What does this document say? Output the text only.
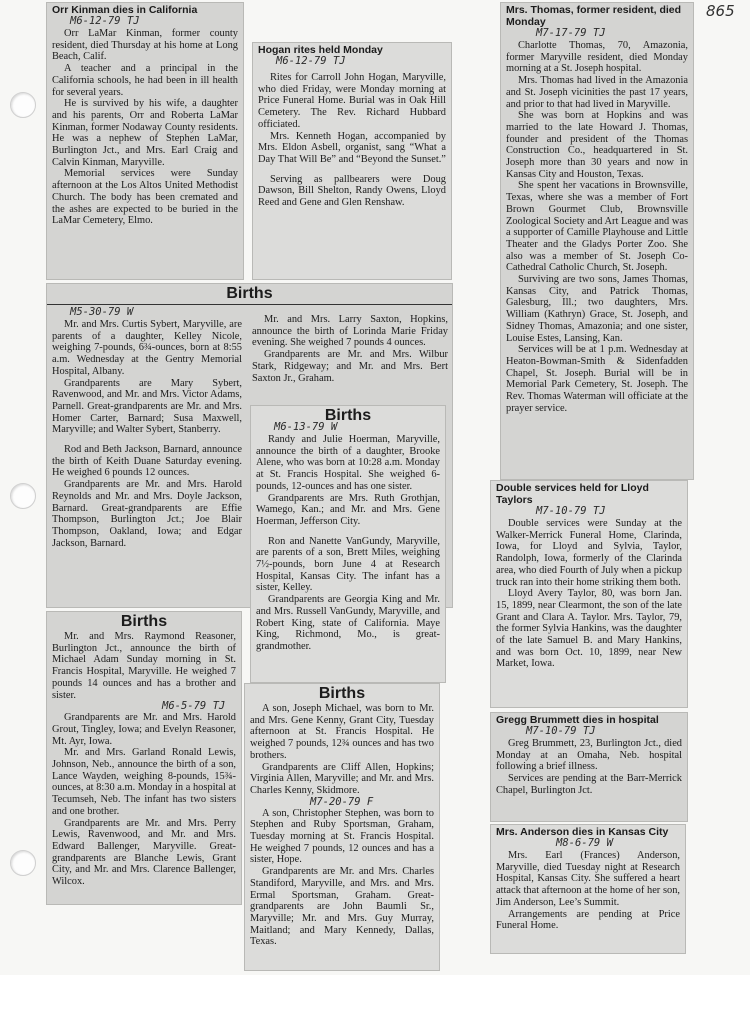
865

Orr Kinman dies in California

M6-12-79 TJ

Orr LaMar Kinman, former county resident, died Thursday at his home at Long Beach, Calif.

A teacher and a principal in the California schools, he had been in ill health for several years.

He is survived by his wife, a daughter and his parents, Orr and Roberta LaMar Kinman, former Nodaway County residents. He was a nephew of Stephen LaMar, Burlington Jct., and Mrs. Earl Craig and Calvin Kinman, Maryville.

Memorial services were Sunday afternoon at the Los Altos United Methodist Church. The body has been cremated and the ashes are expected to be buried in the LaMar Cemetery, Elmo.

Hogan rites held Monday

M6-12-79 TJ

Rites for Carroll John Hogan, Maryville, who died Friday, were Monday morning at Price Funeral Home. Burial was in Oak Hill Cemetery. The Rev. Richard Hubbard officiated.

Mrs. Kenneth Hogan, accompanied by Mrs. Eldon Asbell, organist, sang “What a Day That Will Be” and “Beyond the Sunset.”

Serving as pallbearers were Doug Dawson, Bill Shelton, Randy Owens, Lloyd Reed and Gene and Glen Renshaw.

Births

M5-30-79 W

Mr. and Mrs. Curtis Sybert, Maryville, are parents of a daughter, Kelley Nicole, weighing 7-pounds, 6¾-ounces, born at 8:55 a.m. Wednesday at the Gentry Memorial Hospital, Albany.

Grandparents are Mary Sybert, Ravenwood, and Mr. and Mrs. Victor Adams, Parnell. Great-grandparents are Mr. and Mrs. Homer Carter, Barnard; Susa Maxwell, Maryville; and Walter Sybert, Stanberry.

Rod and Beth Jackson, Barnard, announce the birth of Keith Duane Saturday evening. He weighed 6 pounds 12 ounces.

Grandparents are Mr. and Mrs. Harold Reynolds and Mr. and Mrs. Doyle Jackson, Barnard. Great-grandparents are Effie Thompson, Burlington Jct.; Joe Blair Thompson, Oakland, Iowa; and Edgar Jackson, Barnard.

Mr. and Mrs. Larry Saxton, Hopkins, announce the birth of Lorinda Marie Friday evening. She weighed 7 pounds 4 ounces.

Grandparents are Mr. and Mrs. Wilbur Stark, Ridgeway; and Mr. and Mrs. Bert Saxton Jr., Graham.

Births

M6-13-79 W

Randy and Julie Hoerman, Maryville, announce the birth of a daughter, Brooke Alene, who was born at 10:28 a.m. Monday at St. Francis Hospital. She weighed 6-pounds, 12-ounces and has one sister.

Grandparents are Mrs. Ruth Grothjan, Wamego, Kan.; and Mr. and Mrs. Gene Hoerman, Jefferson City.

Ron and Nanette VanGundy, Maryville, are parents of a son, Brett Miles, weighing 7½-pounds, born June 4 at Research Hospital, Kansas City. The infant has a sister, Kelley.

Grandparents are Georgia King and Mr. and Mrs. Russell VanGundy, Maryville, and Robert King, state of California. Maye King, Richmond, Mo., is great-grandmother.

Births

Mr. and Mrs. Raymond Reasoner, Burlington Jct., announce the birth of Michael Adam Sunday morning in St. Francis Hospital, Maryville. He weighed 7 pounds 14 ounces and has a brother and sister.

M6-5-79 TJ

Grandparents are Mr. and Mrs. Harold Grout, Tingley, Iowa; and Evelyn Reasoner, Mt. Ayr, Iowa.

Mr. and Mrs. Garland Ronald Lewis, Johnson, Neb., announce the birth of a son, Lance Wayden, weighing 8-pounds, 15¾-ounces, at 8:30 a.m. Monday in a hospital at Tecumseh, Neb. The infant has two sisters and one brother.

Grandparents are Mr. and Mrs. Perry Lewis, Ravenwood, and Mr. and Mrs. Edward Ballenger, Maryville. Great-grandparents are Blanche Lewis, Grant City, and Mr. and Mrs. Clarence Ballenger, Wilcox.

Births

A son, Joseph Michael, was born to Mr. and Mrs. Gene Kenny, Grant City, Tuesday afternoon at St. Francis Hospital. He weighed 7 pounds, 12¾ ounces and has two brothers.

Grandparents are Cliff Allen, Hopkins; Virginia Allen, Maryville; and Mr. and Mrs. Charles Kenny, Skidmore.

M7-20-79 F

A son, Christopher Stephen, was born to Stephen and Ruby Sportsman, Graham, Tuesday morning at St. Francis Hospital. He weighed 7 pounds, 12 ounces and has a sister, Hope.

Grandparents are Mr. and Mrs. Charles Standiford, Maryville, and Mrs. and Mrs. Ermal Sportsman, Graham. Great-grandparents are John Baumli Sr., Maryville; Mr. and Mrs. Guy Murray, Maitland; and Mary Kennedy, Dallas, Texas.

Mrs. Thomas, former resident, died Monday

M7-17-79 TJ

Charlotte Thomas, 70, Amazonia, former Maryville resident, died Monday morning at a St. Joseph hospital.

Mrs. Thomas had lived in the Amazonia and St. Joseph vicinities the past 17 years, and prior to that had lived in Maryville.

She was born at Hopkins and was married to the late Howard J. Thomas, founder and president of the Thomas Construction Co., headquartered in St. Joseph more than 30 years and now in Kansas City and Houston, Texas.

She spent her vacations in Brownsville, Texas, where she was a member of Fort Brown Gourmet Club, Brownsville Zoological Society and Art League and was a supporter of Camille Playhouse and Little Theater and the Gladys Porter Zoo. She also was a member of St. Joseph Co-Cathedral Catholic Church, St. Joseph.

Surviving are two sons, James Thomas, Kansas City, and Patrick Thomas, Galesburg, Ill.; two daughters, Mrs. William (Kathryn) Grace, St. Joseph, and Sidney Thomas, Amazonia; and one sister, Louise Estes, Lansing, Kan.

Services will be at 1 p.m. Wednesday at Heaton-Bowman-Smith & Sidenfadden Chapel, St. Joseph. Burial will be in Memorial Park Cemetery, St. Joseph. The Rev. Thomas Waterman will officiate at the prayer service.

Double services held for Lloyd Taylors

M7-10-79 TJ

Double services were Sunday at the Walker-Merrick Funeral Home, Clarinda, Iowa, for Lloyd and Sylvia, Taylor, Randolph, Iowa, formerly of the Clarinda area, who died Fourth of July when a pickup truck ran into their home striking them both.

Lloyd Avery Taylor, 80, was born Jan. 15, 1899, near Clearmont, the son of the late Grant and Clara A. Taylor. Mrs. Taylor, 79, the former Sylvia Hankins, was the daughter of the late Samuel B. and Mary Hankins, and was born Oct. 10, 1899, near New Market, Iowa.

Gregg Brummett dies in hospital

M7-10-79 TJ

Greg Brummett, 23, Burlington Jct., died Monday at an Omaha, Neb. hospital following a brief illness.

Services are pending at the Barr-Merrick Chapel, Burlington Jct.

Mrs. Anderson dies in Kansas City

M8-6-79 W

Mrs. Earl (Frances) Anderson, Maryville, died Tuesday night at Research Hospital, Kansas City. She suffered a heart attack that afternoon at the home of her son, Jim Anderson, Lee’s Summit.

Arrangements are pending at Price Funeral Home.
